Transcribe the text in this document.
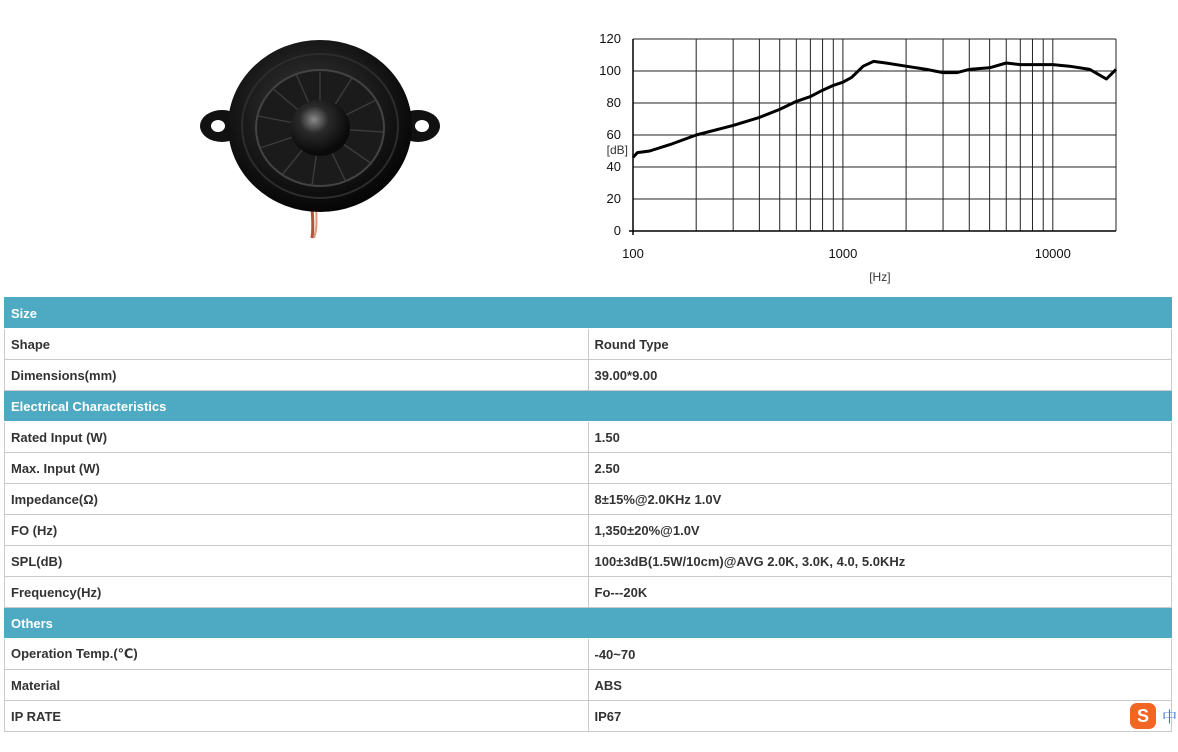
0
20
40
60
80
100
120
100	1000	10000
[dB]
[Hz]
Size	
Shape	Round Type
Dimensions(mm)	39.00*9.00
Electrical Characteristics	
Rated Input (W)	1.50
Max. Input (W)	2.50
Impedance(Ω)	8±15%@2.0KHz 1.0V
FO (Hz)	1,350±20%@1.0V
SPL(dB)	100±3dB(1.5W/10cm)@AVG 2.0K, 3.0K, 4.0, 5.0KHz
Frequency(Hz)	Fo---20K
Others	
Operation Temp.(℃)	-40~70
Material	ABS
IP RATE	IP67	S 中
